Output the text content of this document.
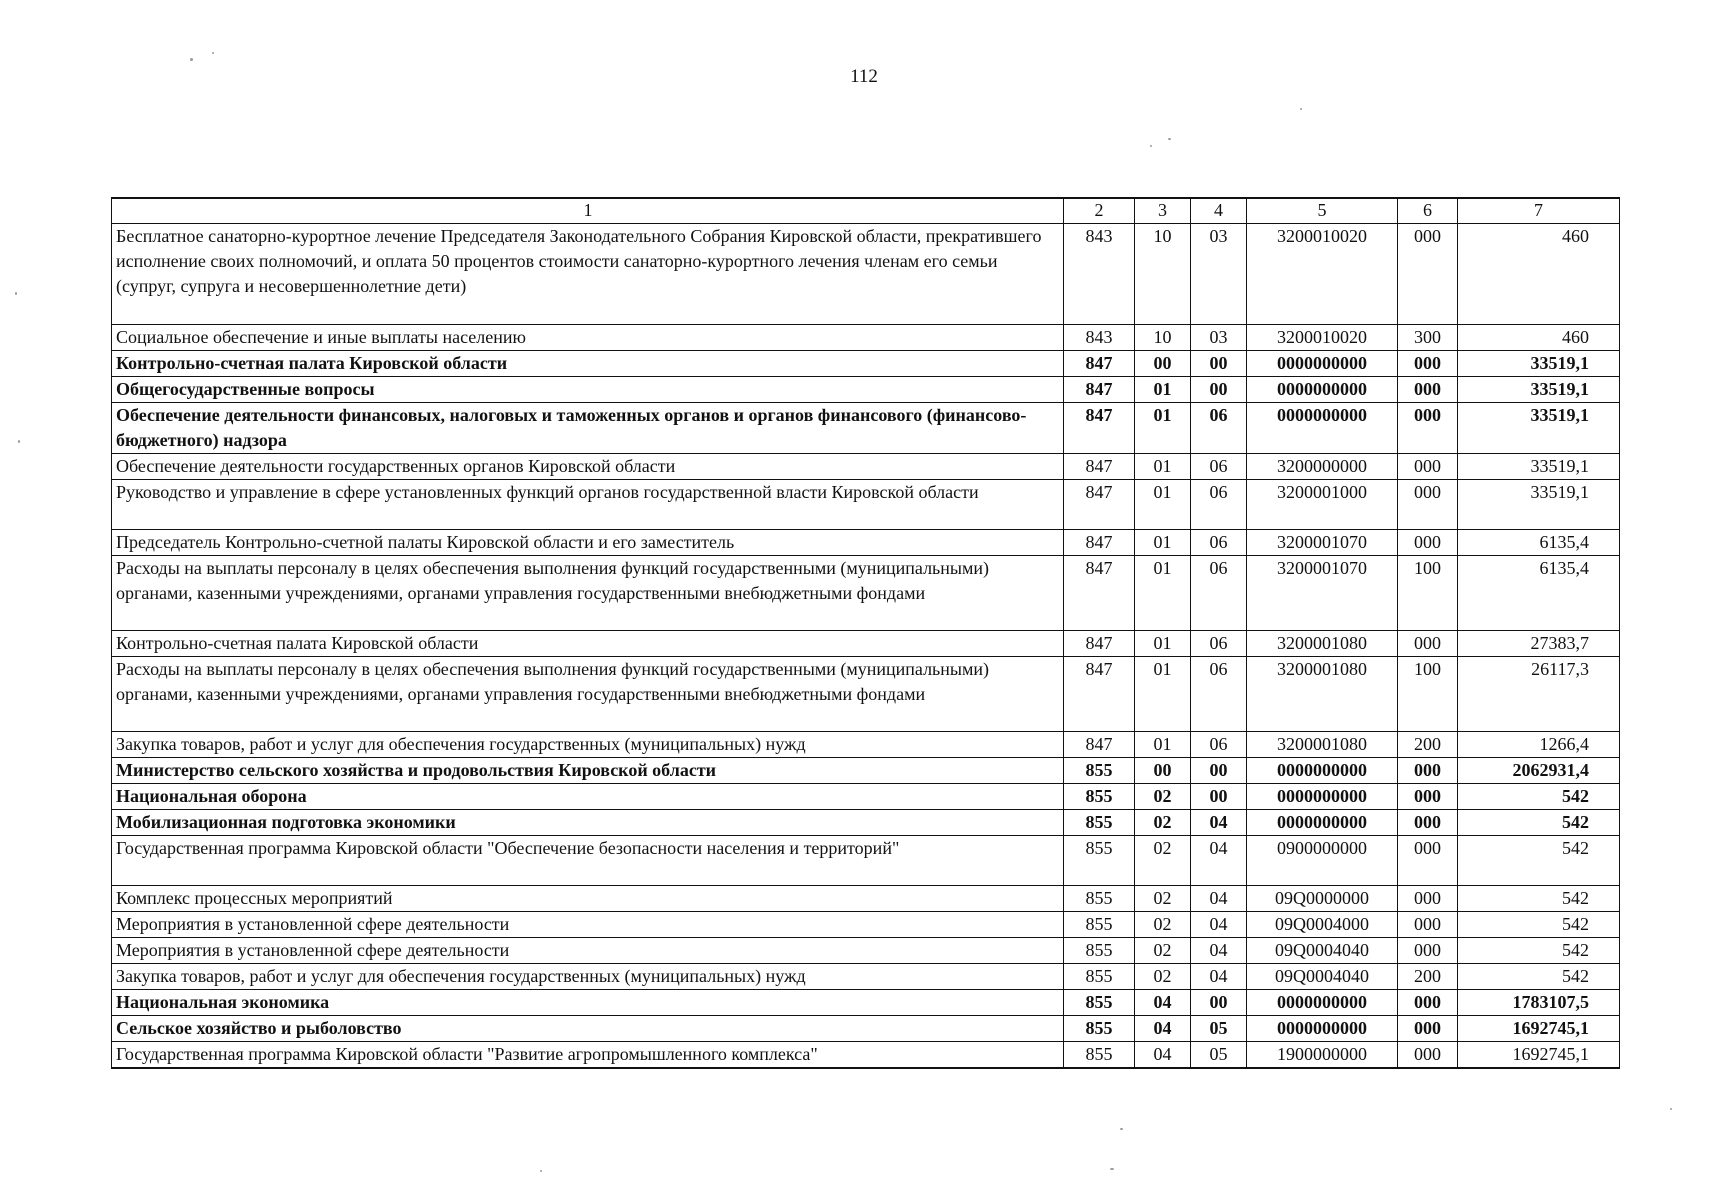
112
1	2	3	4	5	6	7
Бесплатное санаторно-курортное лечение Председателя Законодательного Собрания Кировской области, прекратившего исполнение своих полномочий, и оплата 50 процентов стоимости санаторно-курортного лечения членам его семьи (супруг, супруга и несовершеннолетние дети)	843	10	03	3200010020	000	460
Социальное обеспечение и иные выплаты населению	843	10	03	3200010020	300	460
Контрольно-счетная палата Кировской области	847	00	00	0000000000	000	33519,1
Общегосударственные вопросы	847	01	00	0000000000	000	33519,1
Обеспечение деятельности финансовых, налоговых и таможенных органов и органов финансового (финансово-бюджетного) надзора	847	01	06	0000000000	000	33519,1
Обеспечение деятельности государственных органов Кировской области	847	01	06	3200000000	000	33519,1
Руководство и управление в сфере установленных функций органов государственной власти Кировской области	847	01	06	3200001000	000	33519,1
Председатель Контрольно-счетной палаты Кировской области и его заместитель	847	01	06	3200001070	000	6135,4
Расходы на выплаты персоналу в целях обеспечения выполнения функций государственными (муниципальными) органами, казенными учреждениями, органами управления государственными внебюджетными фондами	847	01	06	3200001070	100	6135,4
Контрольно-счетная палата Кировской области	847	01	06	3200001080	000	27383,7
Расходы на выплаты персоналу в целях обеспечения выполнения функций государственными (муниципальными) органами, казенными учреждениями, органами управления государственными внебюджетными фондами	847	01	06	3200001080	100	26117,3
Закупка товаров, работ и услуг для обеспечения государственных (муниципальных) нужд	847	01	06	3200001080	200	1266,4
Министерство сельского хозяйства и продовольствия Кировской области	855	00	00	0000000000	000	2062931,4
Национальная оборона	855	02	00	0000000000	000	542
Мобилизационная подготовка экономики	855	02	04	0000000000	000	542
Государственная программа Кировской области "Обеспечение безопасности населения и территорий"	855	02	04	0900000000	000	542
Комплекс процессных мероприятий	855	02	04	09Q0000000	000	542
Мероприятия в установленной сфере деятельности	855	02	04	09Q0004000	000	542
Мероприятия в установленной сфере деятельности	855	02	04	09Q0004040	000	542
Закупка товаров, работ и услуг для обеспечения государственных (муниципальных) нужд	855	02	04	09Q0004040	200	542
Национальная экономика	855	04	00	0000000000	000	1783107,5
Сельское хозяйство и рыболовство	855	04	05	0000000000	000	1692745,1
Государственная программа Кировской области "Развитие агропромышленного комплекса"	855	04	05	1900000000	000	1692745,1
